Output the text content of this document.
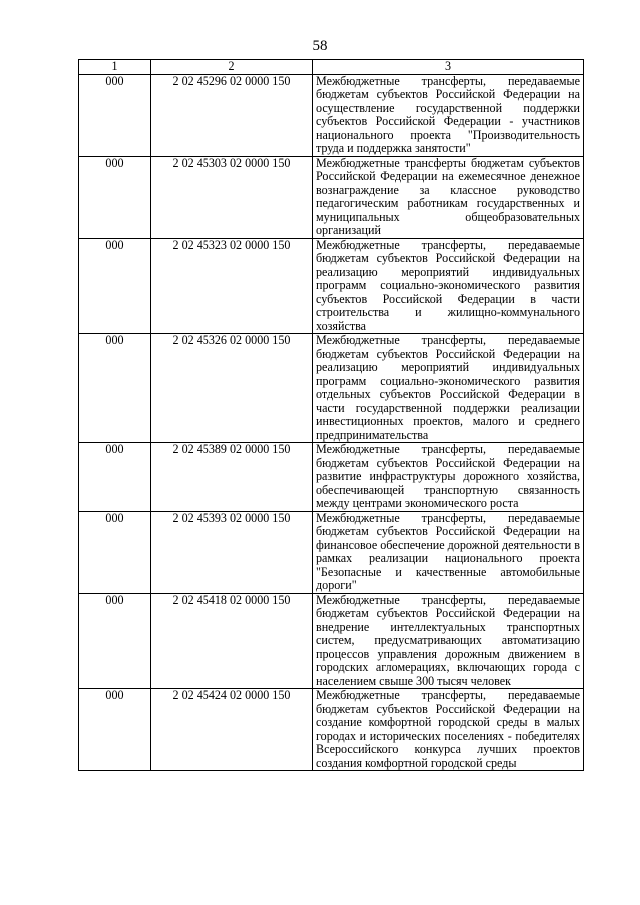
58
1	2	3
000	2 02 45296 02 0000 150	Межбюджетные трансферты, передаваемые бюджетам субъектов Российской Федерации на осуществление государственной поддержки субъектов Российской Федерации - участников национального проекта "Производительность труда и поддержка занятости"
000	2 02 45303 02 0000 150	Межбюджетные трансферты бюджетам субъектов Российской Федерации на ежемесячное денежное вознаграждение за классное руководство педагогическим работникам государственных и муниципальных общеобразовательных организаций
000	2 02 45323 02 0000 150	Межбюджетные трансферты, передаваемые бюджетам субъектов Российской Федерации на реализацию мероприятий индивидуальных программ социально-экономического развития субъектов Российской Федерации в части строительства и жилищно-коммунального хозяйства
000	2 02 45326 02 0000 150	Межбюджетные трансферты, передаваемые бюджетам субъектов Российской Федерации на реализацию мероприятий индивидуальных программ социально-экономического развития отдельных субъектов Российской Федерации в части государственной поддержки реализации инвестиционных проектов, малого и среднего предпринимательства
000	2 02 45389 02 0000 150	Межбюджетные трансферты, передаваемые бюджетам субъектов Российской Федерации на развитие инфраструктуры дорожного хозяйства, обеспечивающей транспортную связанность между центрами экономического роста
000	2 02 45393 02 0000 150	Межбюджетные трансферты, передаваемые бюджетам субъектов Российской Федерации на финансовое обеспечение дорожной деятельности в рамках реализации национального проекта "Безопасные и качественные автомобильные дороги"
000	2 02 45418 02 0000 150	Межбюджетные трансферты, передаваемые бюджетам субъектов Российской Федерации на внедрение интеллектуальных транспортных систем, предусматривающих автоматизацию процессов управления дорожным движением в городских агломерациях, включающих города с населением свыше 300 тысяч человек
000	2 02 45424 02 0000 150	Межбюджетные трансферты, передаваемые бюджетам субъектов Российской Федерации на создание комфортной городской среды в малых городах и исторических поселениях - победителях Всероссийского конкурса лучших проектов создания комфортной городской среды
